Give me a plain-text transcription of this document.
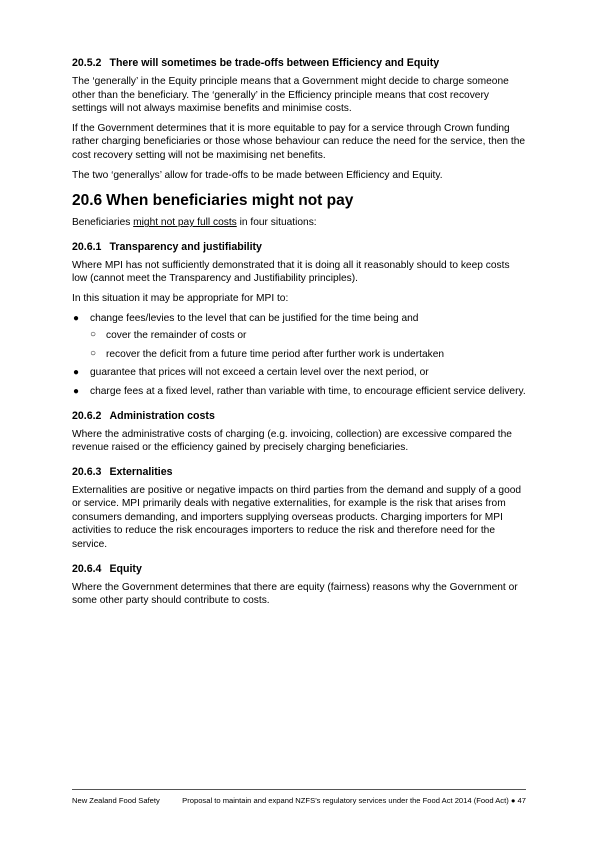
20.5.2 There will sometimes be trade-offs between Efficiency and Equity

The ‘generally’ in the Equity principle means that a Government might decide to charge someone other than the beneficiary. The ‘generally’ in the Efficiency principle means that cost recovery settings will not always maximise benefits and minimise costs.

If the Government determines that it is more equitable to pay for a service through Crown funding rather charging beneficiaries or those whose behaviour can reduce the need for the service, then the cost recovery setting will not be maximising net benefits.

The two ‘generallys’ allow for trade-offs to be made between Efficiency and Equity.

20.6 When beneficiaries might not pay

Beneficiaries might not pay full costs in four situations:

20.6.1 Transparency and justifiability

Where MPI has not sufficiently demonstrated that it is doing all it reasonably should to keep costs low (cannot meet the Transparency and Justifiability principles).

In this situation it may be appropriate for MPI to:

● change fees/levies to the level that can be justified for the time being and
○ cover the remainder of costs or
○ recover the deficit from a future time period after further work is undertaken
● guarantee that prices will not exceed a certain level over the next period, or
● charge fees at a fixed level, rather than variable with time, to encourage efficient service delivery.
20.6.2 Administration costs

Where the administrative costs of charging (e.g. invoicing, collection) are excessive compared the revenue raised or the efficiency gained by precisely charging beneficiaries.

20.6.3 Externalities

Externalities are positive or negative impacts on third parties from the demand and supply of a good or service. MPI primarily deals with negative externalities, for example is the risk that arises from consumers demanding, and importers supplying overseas products. Charging importers for MPI activities to reduce the risk encourages importers to reduce the risk and therefore need for the service.

20.6.4 Equity

Where the Government determines that there are equity (fairness) reasons why the Government or some other party should contribute to costs.

New Zealand Food Safety	Proposal to maintain and expand NZFS’s regulatory services under the Food Act 2014 (Food Act) ● 47
